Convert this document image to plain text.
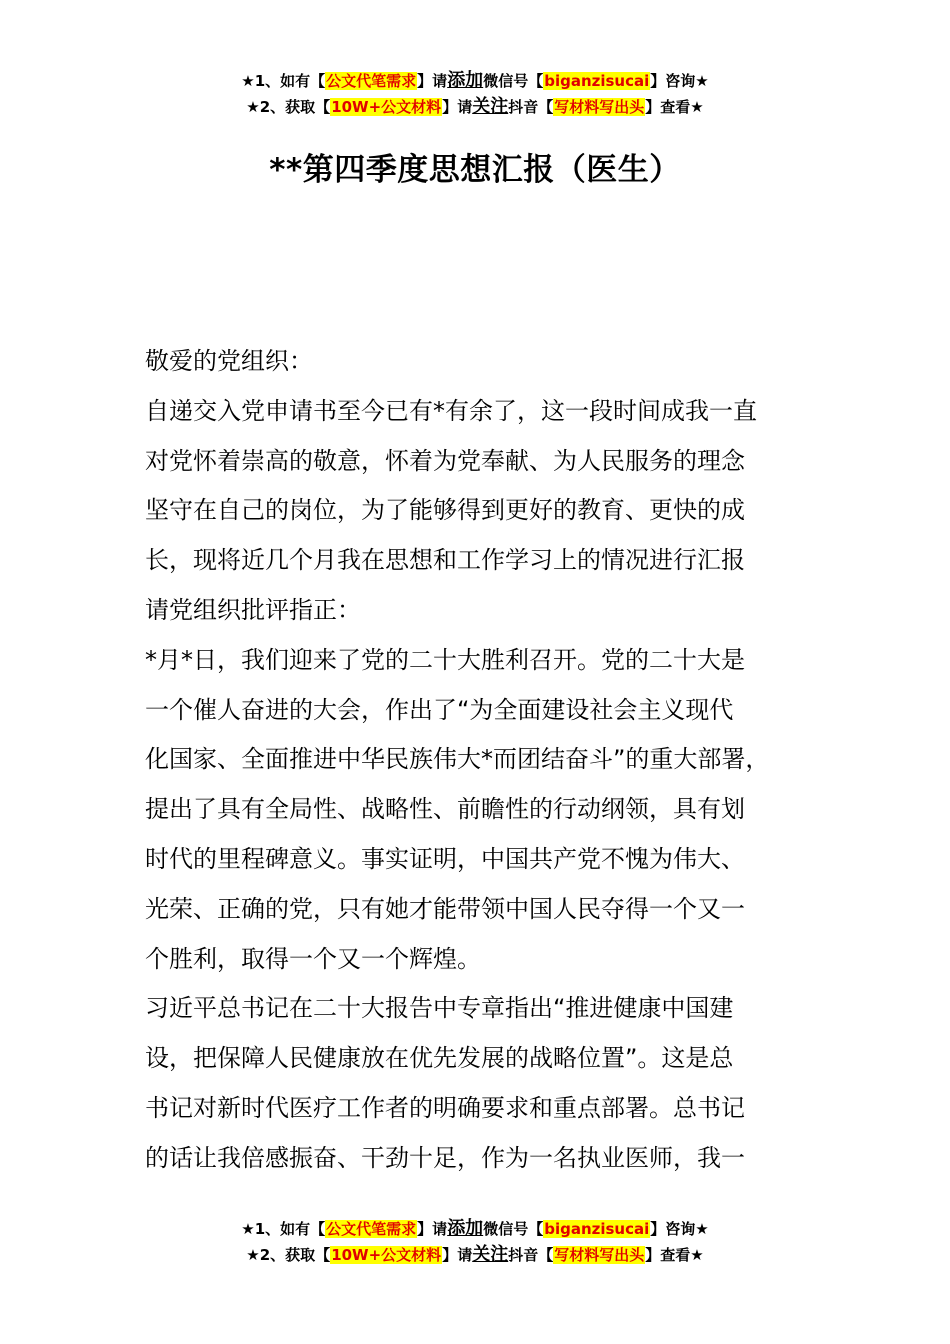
★1、如有【公文代笔需求】请添加微信号【biganzisucai】咨询★
★2、获取【10W+公文材料】请关注抖音【写材料写出头】查看★
**第四季度思想汇报（医生）

敬爱的党组织：

自递交入党申请书至今已有*有余了，这一段时间成我一直
对党怀着崇高的敬意，怀着为党奉献、为人民服务的理念
坚守在自己的岗位，为了能够得到更好的教育、更快的成
长，现将近几个月我在思想和工作学习上的情况进行汇报
请党组织批评指正：

*月*日，我们迎来了党的二十大胜利召开。党的二十大是
一个催人奋进的大会，作出了“为全面建设社会主义现代
化国家、全面推进中华民族伟大*而团结奋斗”的重大部署，
提出了具有全局性、战略性、前瞻性的行动纲领，具有划
时代的里程碑意义。事实证明，中国共产党不愧为伟大、
光荣、正确的党，只有她才能带领中国人民夺得一个又一
个胜利，取得一个又一个辉煌。

习近平总书记在二十大报告中专章指出“推进健康中国建
设，把保障人民健康放在优先发展的战略位置”。这是总
书记对新时代医疗工作者的明确要求和重点部署。总书记
的话让我倍感振奋、干劲十足，作为一名执业医师，我一

★1、如有【公文代笔需求】请添加微信号【biganzisucai】咨询★
★2、获取【10W+公文材料】请关注抖音【写材料写出头】查看★
